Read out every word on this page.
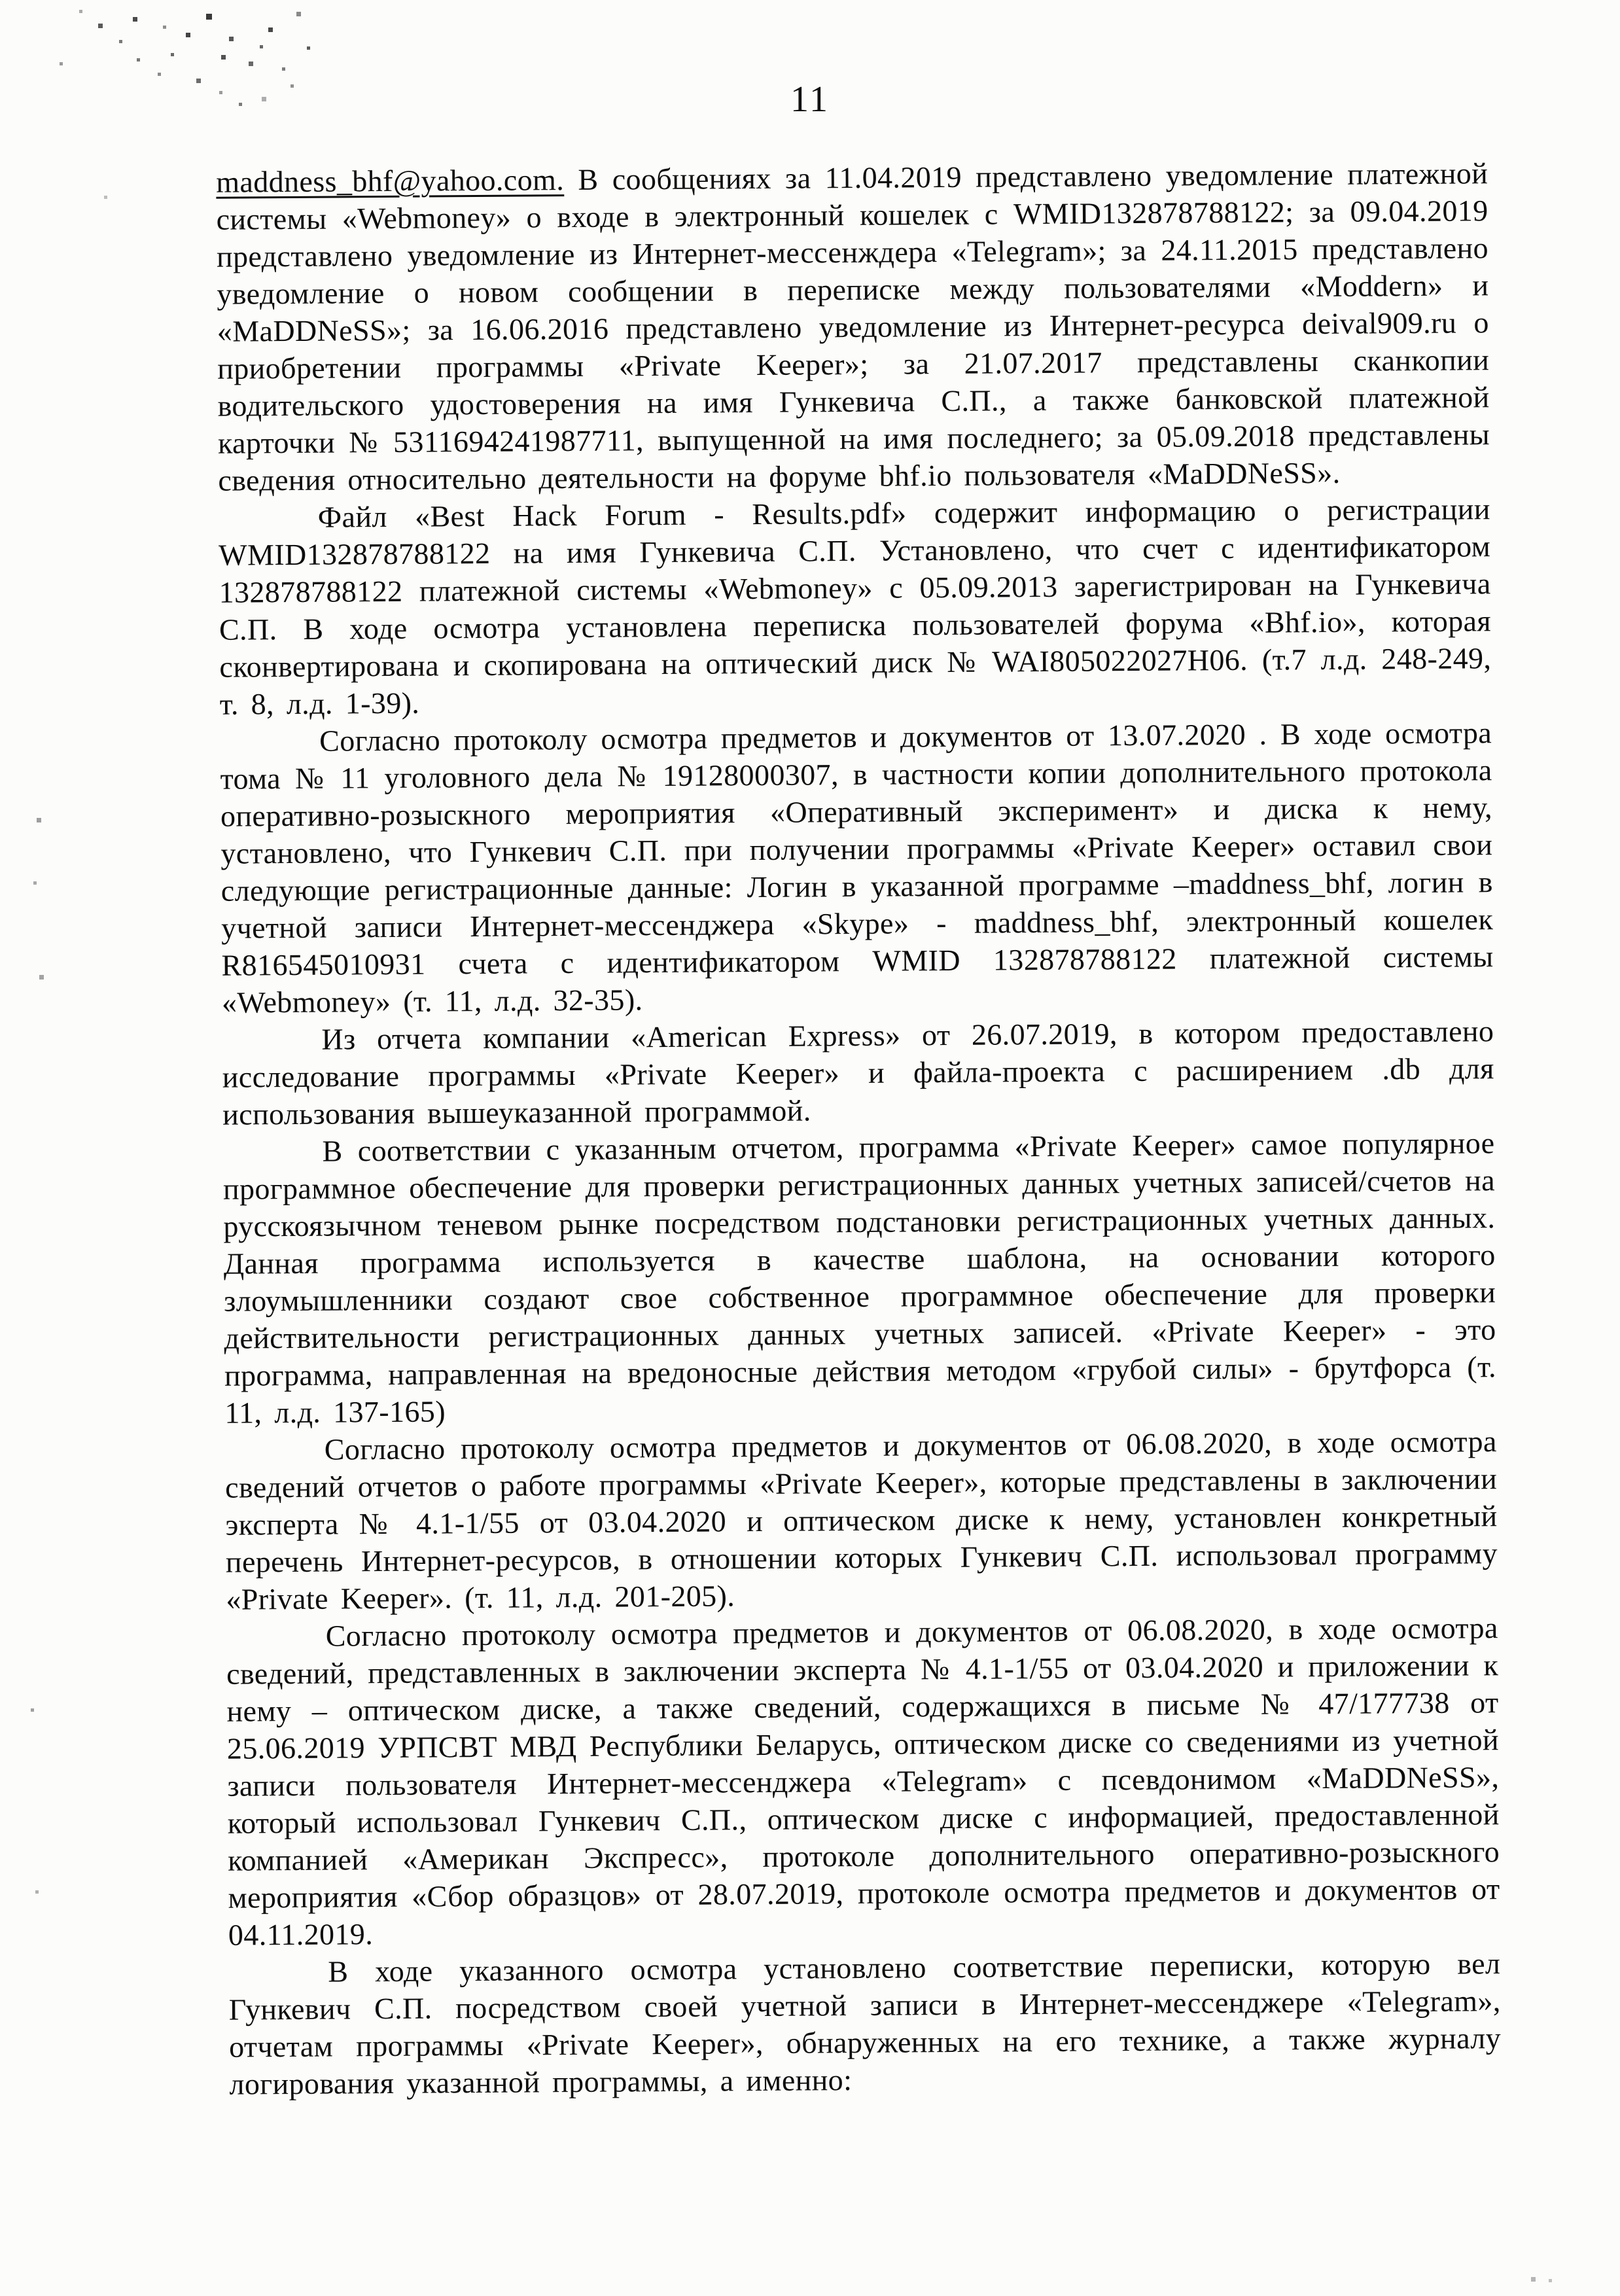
11

maddness_bhf@yahoo.com. В сообщениях за 11.04.2019 представлено уведомление платежной системы «Webmoney» о входе в электронный кошелек с WMID132878788122; за 09.04.2019 представлено уведомление из Интернет-мессенждера «Telegram»; за 24.11.2015 представлено уведомление о новом сообщении в переписке между пользователями «Moddern» и «MaDDNeSS»; за 16.06.2016 представлено уведомление из Интернет-ресурса deival909.ru о приобретении программы «Private Keeper»; за 21.07.2017 представлены сканкопии водительского удостоверения на имя Гункевича С.П., а также банковской платежной карточки № 5311694241987711, выпущенной на имя последнего; за 05.09.2018 представлены сведения относительно деятельности на форуме bhf.io пользователя «MaDDNeSS».

Файл «Best Hack Forum - Results.pdf» содержит информацию о регистрации WMID132878788122 на имя Гункевича С.П. Установлено, что счет с идентификатором 132878788122 платежной системы «Webmoney» с 05.09.2013 зарегистрирован на Гункевича С.П. В ходе осмотра установлена переписка пользователей форума «Bhf.io», которая сконвертирована и скопирована на оптический диск № WAI805022027H06. (т.7 л.д. 248-249, т. 8, л.д. 1-39).

Согласно протоколу осмотра предметов и документов от 13.07.2020 . В ходе осмотра тома № 11 уголовного дела № 19128000307, в частности копии дополнительного протокола оперативно-розыскного мероприятия «Оперативный эксперимент» и диска к нему, установлено, что Гункевич С.П. при получении программы «Private Keeper» оставил свои следующие регистрационные данные: Логин в указанной программе –maddness_bhf, логин в учетной записи Интернет-мессенджера «Skype» - maddness_bhf, электронный кошелек R816545010931 счета с идентификатором WMID 132878788122 платежной системы «Webmoney» (т. 11, л.д. 32-35).

Из отчета компании «American Express» от 26.07.2019, в котором предоставлено исследование программы «Private Keeper» и файла-проекта с расширением .db для использования вышеуказанной программой.

В соответствии с указанным отчетом, программа «Private Keeper» самое популярное программное обеспечение для проверки регистрационных данных учетных записей/счетов на русскоязычном теневом рынке посредством подстановки регистрационных учетных данных. Данная программа используется в качестве шаблона, на основании которого злоумышленники создают свое собственное программное обеспечение для проверки действительности регистрационных данных учетных записей. «Private Keeper» - это программа, направленная на вредоносные действия методом «грубой силы» - брутфорса (т. 11, л.д. 137-165)

Согласно протоколу осмотра предметов и документов от 06.08.2020, в ходе осмотра сведений отчетов о работе программы «Private Keeper», которые представлены в заключении эксперта № 4.1-1/55 от 03.04.2020 и оптическом диске к нему, установлен конкретный перечень Интернет-ресурсов, в отношении которых Гункевич С.П. использовал программу «Private Keeper». (т. 11, л.д. 201-205).

Согласно протоколу осмотра предметов и документов от 06.08.2020, в ходе осмотра сведений, представленных в заключении эксперта № 4.1-1/55 от 03.04.2020 и приложении к нему – оптическом диске, а также сведений, содержащихся в письме № 47/177738 от 25.06.2019 УРПСВТ МВД Республики Беларусь, оптическом диске со сведениями из учетной записи пользователя Интернет-мессенджера «Telegram» с псевдонимом «MaDDNeSS», который использовал Гункевич С.П., оптическом диске с информацией, предоставленной компанией «Американ Экспресс», протоколе дополнительного оперативно-розыскного мероприятия «Сбор образцов» от 28.07.2019, протоколе осмотра предметов и документов от 04.11.2019.

В ходе указанного осмотра установлено соответствие переписки, которую вел Гункевич С.П. посредством своей учетной записи в Интернет-мессенджере «Telegram», отчетам программы «Private Keeper», обнаруженных на его технике, а также журналу логирования указанной программы, а именно:
